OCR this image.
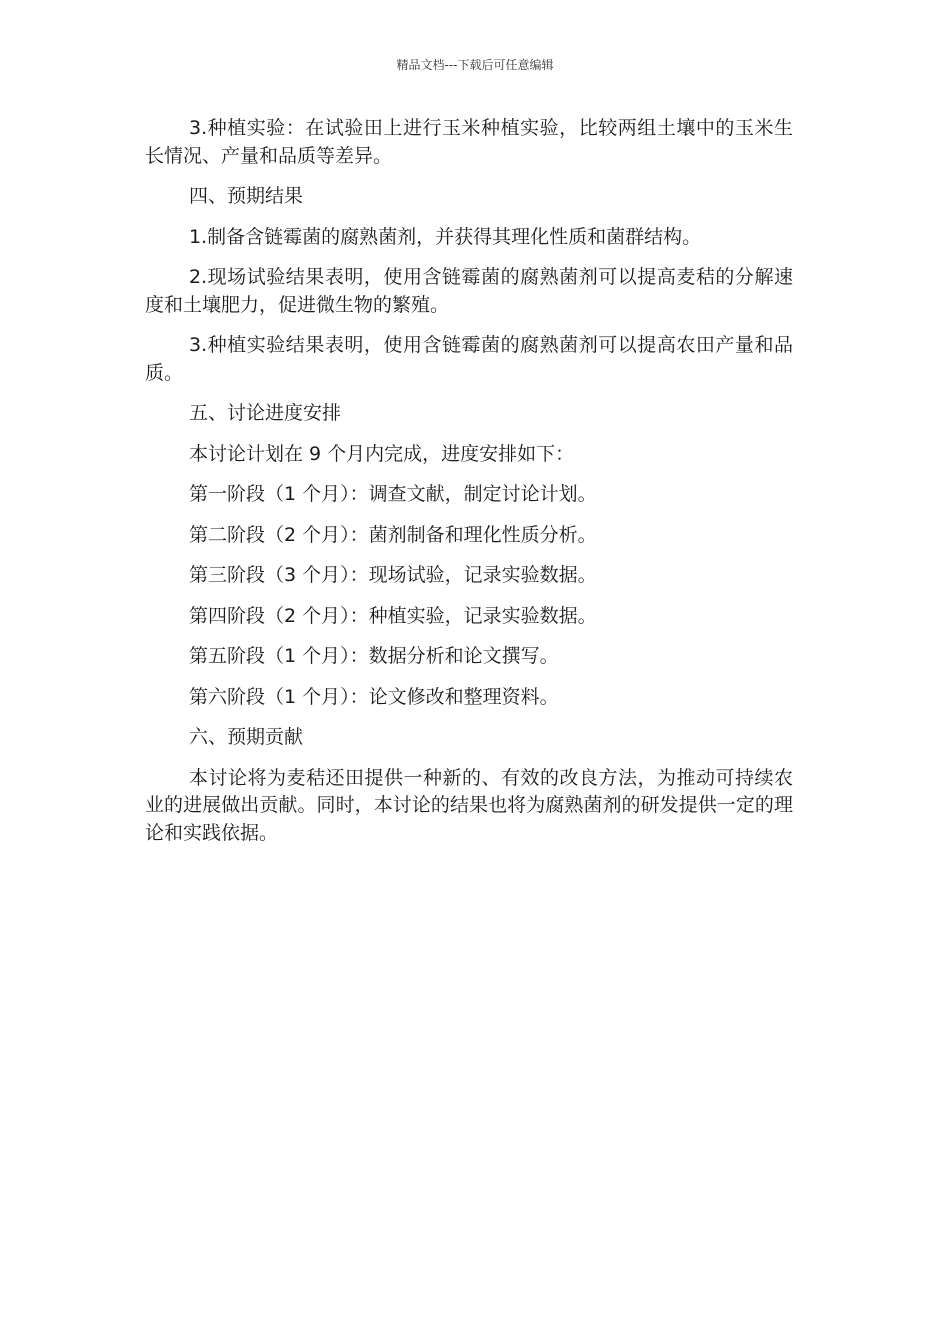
精品文档---下载后可任意编辑

3.种植实验：在试验田上进行玉米种植实验，比较两组土壤中的玉米生长情况、产量和品质等差异。

四、预期结果

1.制备含链霉菌的腐熟菌剂，并获得其理化性质和菌群结构。

2.现场试验结果表明，使用含链霉菌的腐熟菌剂可以提高麦秸的分解速度和土壤肥力，促进微生物的繁殖。

3.种植实验结果表明，使用含链霉菌的腐熟菌剂可以提高农田产量和品质。

五、讨论进度安排

本讨论计划在 9 个月内完成，进度安排如下：

第一阶段（1 个月）：调查文献，制定讨论计划。

第二阶段（2 个月）：菌剂制备和理化性质分析。

第三阶段（3 个月）：现场试验，记录实验数据。

第四阶段（2 个月）：种植实验，记录实验数据。

第五阶段（1 个月）：数据分析和论文撰写。

第六阶段（1 个月）：论文修改和整理资料。

六、预期贡献

本讨论将为麦秸还田提供一种新的、有效的改良方法，为推动可持续农业的进展做出贡献。同时，本讨论的结果也将为腐熟菌剂的研发提供一定的理论和实践依据。
